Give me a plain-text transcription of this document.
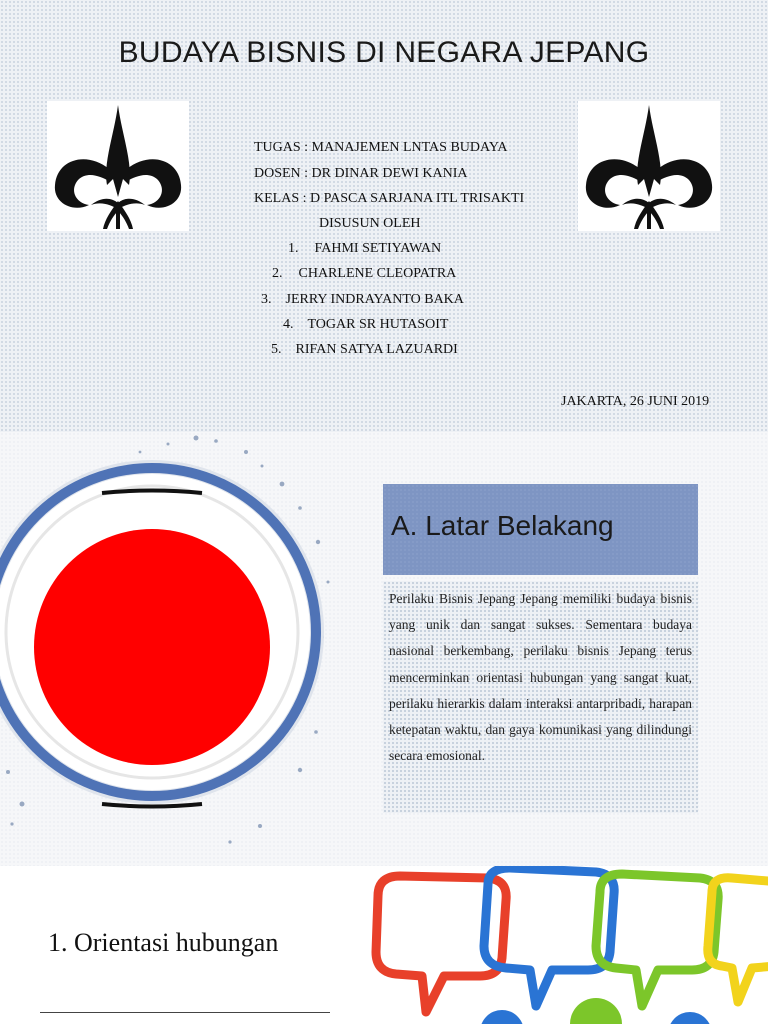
BUDAYA BISNIS DI NEGARA JEPANG
TUGAS : MANAJEMEN LNTAS BUDAYA
DOSEN : DR DINAR DEWI KANIA
KELAS : D PASCA SARJANA ITL TRISAKTI
DISUSUN OLEH
1. FAHMI SETIYAWAN
2. CHARLENE CLEOPATRA
3. JERRY INDRAYANTO BAKA
4. TOGAR SR HUTASOIT
5. RIFAN SATYA LAZUARDI
JAKARTA, 26 JUNI 2019
A. Latar Belakang
Perilaku Bisnis Jepang Jepang memiliki budaya bisnis yang unik dan sangat sukses. Sementara budaya nasional berkembang, perilaku bisnis Jepang terus mencerminkan orientasi hubungan yang sangat kuat, perilaku hierarkis dalam interaksi antarpribadi, harapan ketepatan waktu, dan gaya komunikasi yang dilindungi secara emosional.
1. Orientasi hubungan
